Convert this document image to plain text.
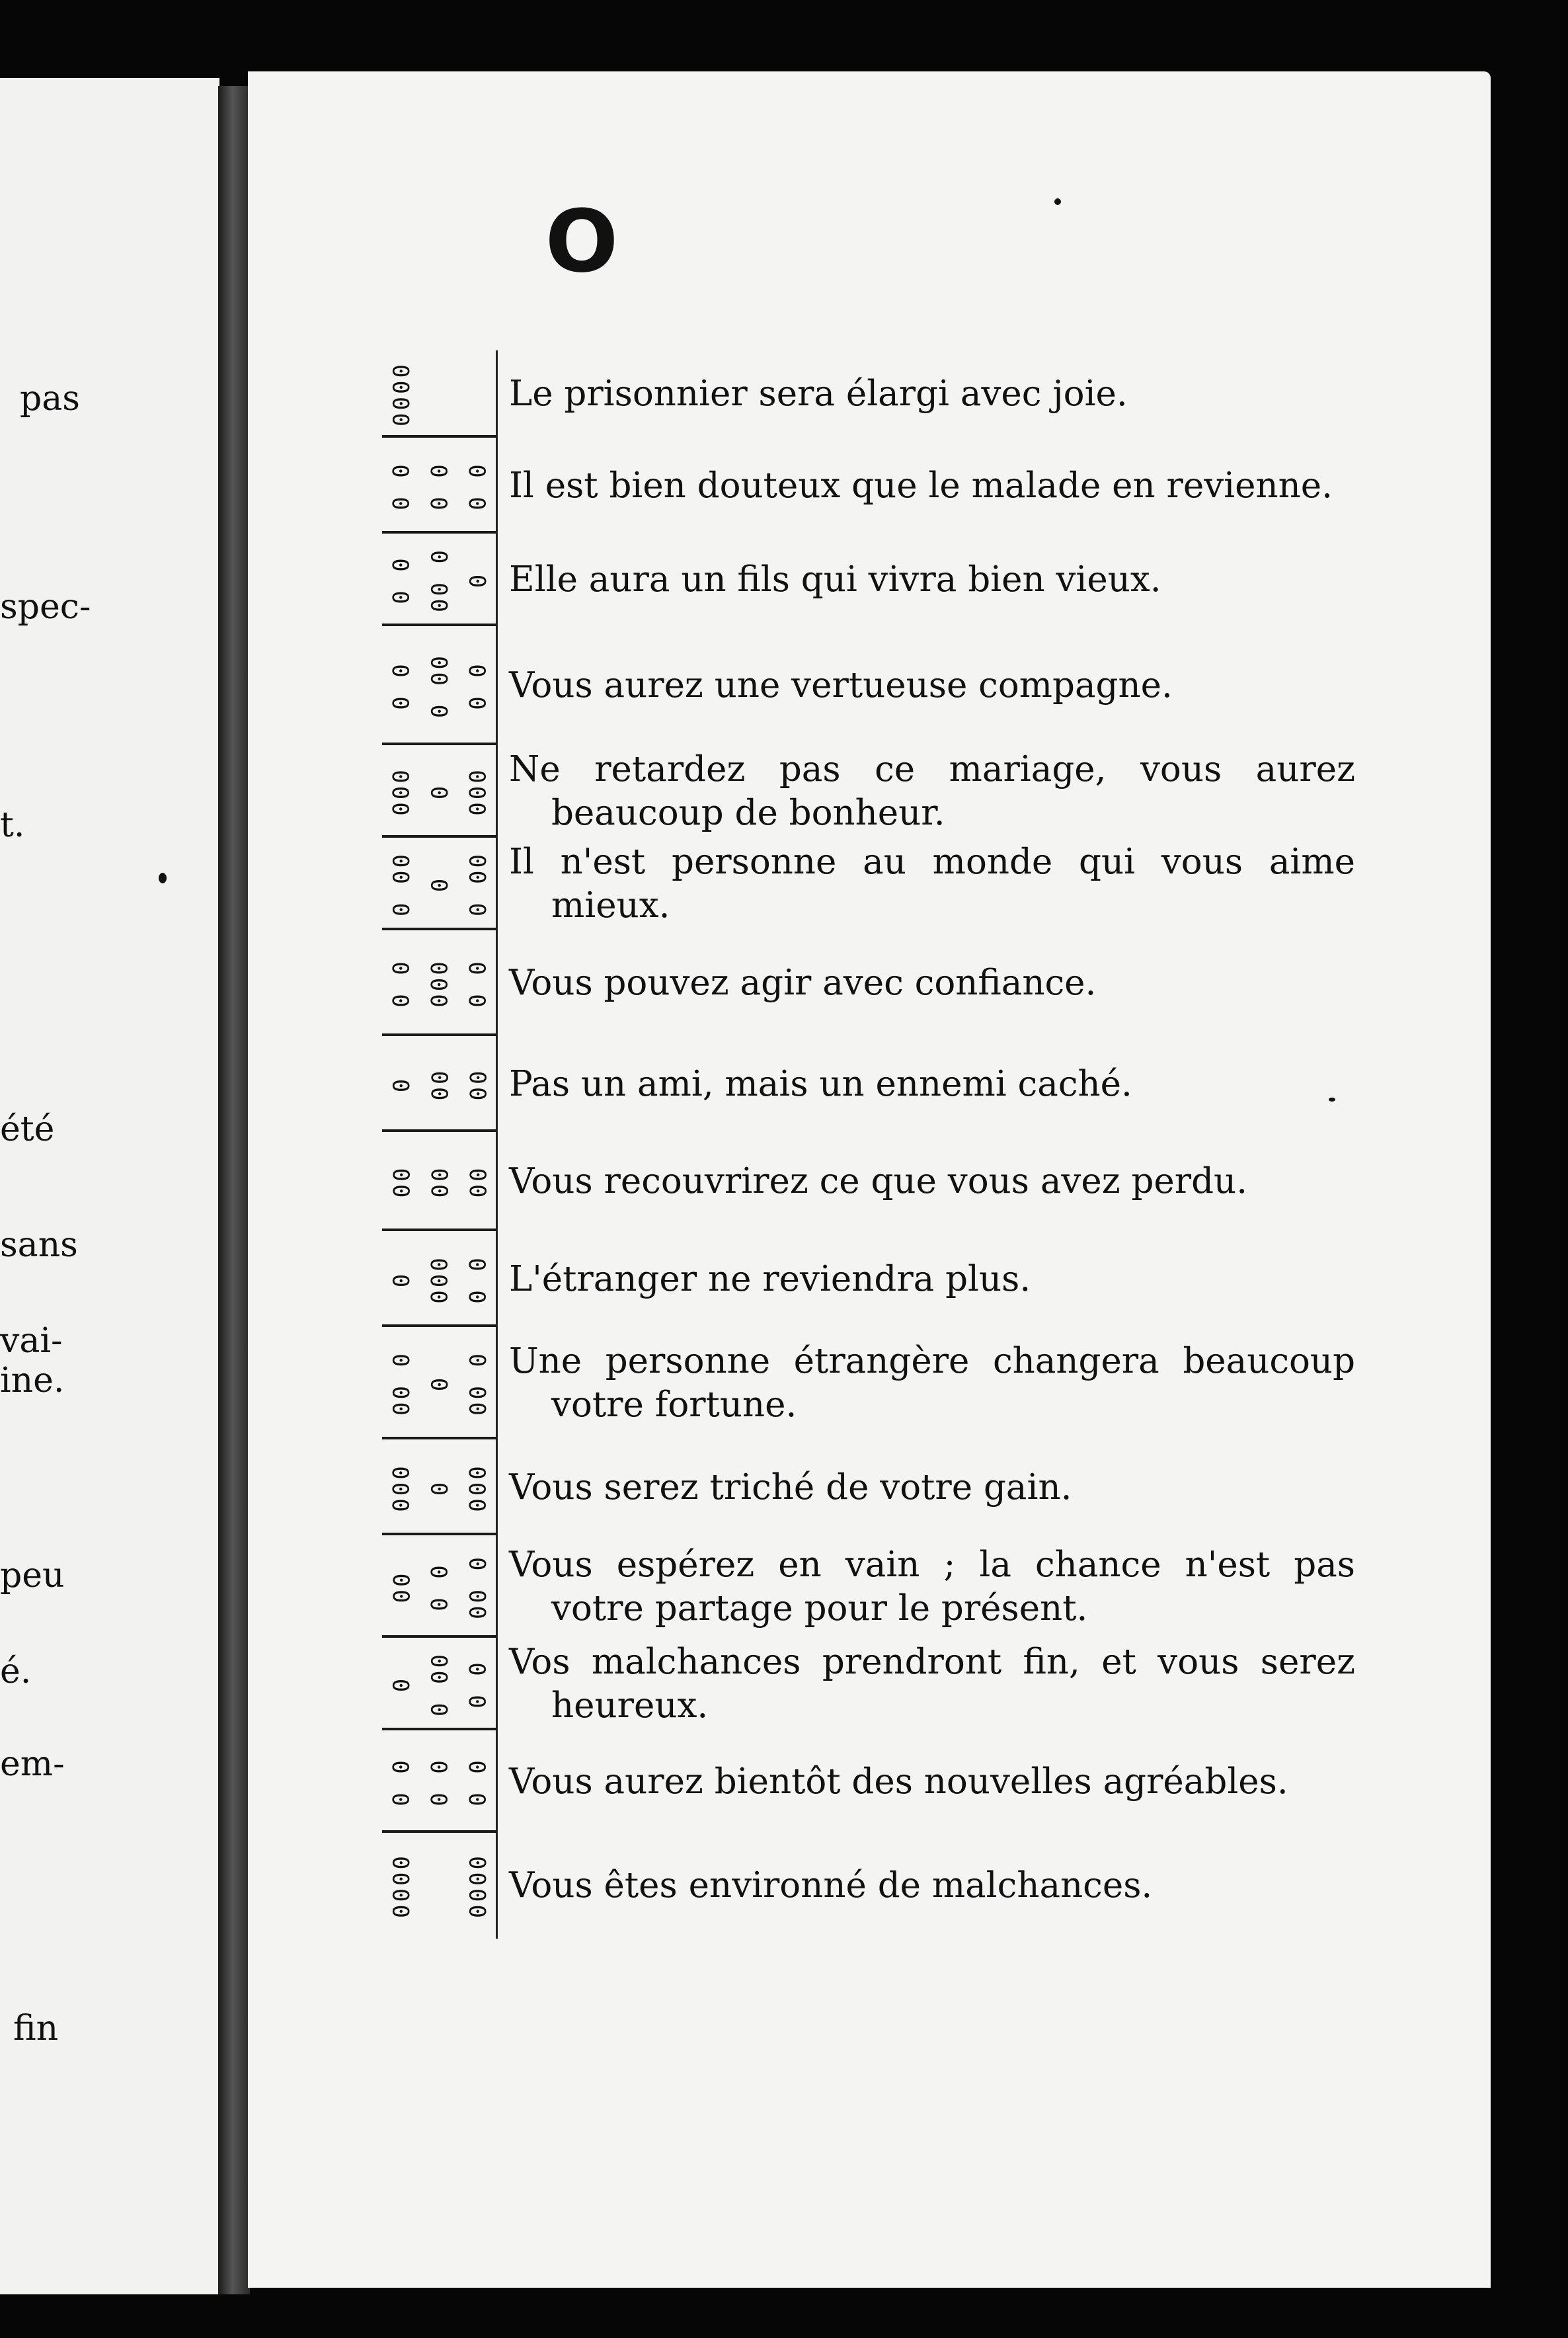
pas
spec-
t.
été
sans
vai-
ine.
peu
é.
em-
fin
O
0000	Le prisonnier sera élargi avec joie.
0 0 0 0 0 0 Il est bien douteux que le malade en revienne.
0 0 00 0 0 Elle aura un fils qui vivra bien vieux.
0 0 0 00 0 0 Vous aurez une vertueuse compagne.
000 0 000 Ne retardez pas ce mariage, vous aurez beaucoup de bonheur.
0 00 0 0 00 Il n'est personne au monde qui vous aime mieux.
0 0 000 0 0 Vous pouvez agir avec confiance.
0 00 00 Pas un ami, mais un ennemi caché.
00 00 00 Vous recouvrirez ce que vous avez perdu.
0 000 0 0 L'étranger ne reviendra plus.
00 0 0 00 0 Une personne étrangère changera beaucoup votre fortune.
000 0 000 Vous serez triché de votre gain.
00 0 0 00 0 Vous espérez en vain ; la chance n'est pas votre partage pour le présent.
0 0 00 0 0 Vos malchances prendront fin, et vous serez heureux.
0 0 0 0 0 0 Vous aurez bientôt des nouvelles agréables.
0000 0000 Vous êtes environné de malchances.
